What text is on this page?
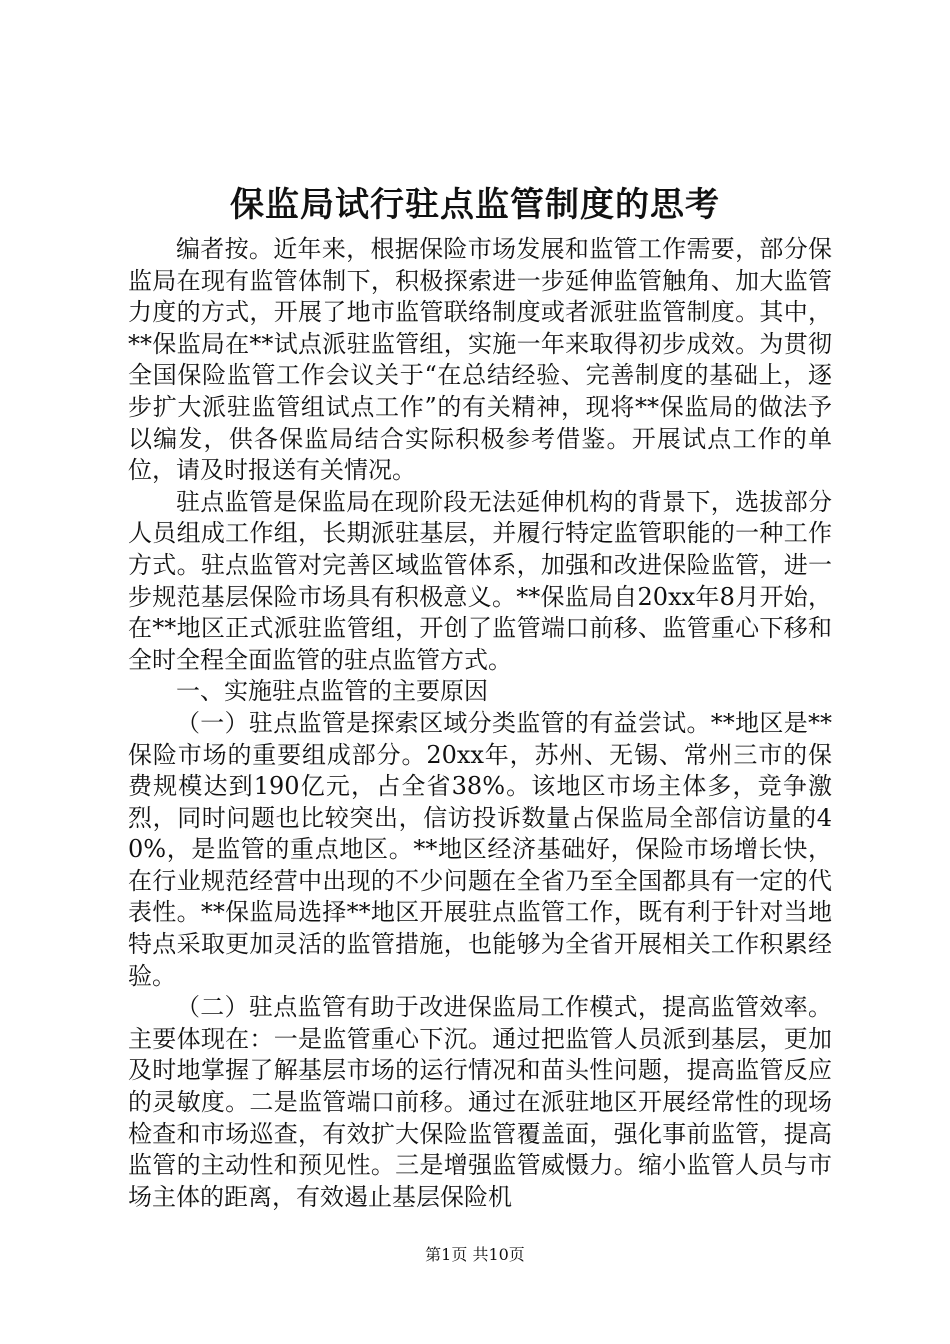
保监局试行驻点监管制度的思考

编者按。近年来，根据保险市场发展和监管工作需要，部分保监局在现有监管体制下，积极探索进一步延伸监管触角、加大监管力度的方式，开展了地市监管联络制度或者派驻监管制度。其中，**保监局在**试点派驻监管组，实施一年来取得初步成效。为贯彻全国保险监管工作会议关于“在总结经验、完善制度的基础上，逐步扩大派驻监管组试点工作”的有关精神，现将**保监局的做法予以编发，供各保监局结合实际积极参考借鉴。开展试点工作的单位，请及时报送有关情况。

驻点监管是保监局在现阶段无法延伸机构的背景下，选拔部分人员组成工作组，长期派驻基层，并履行特定监管职能的一种工作方式。驻点监管对完善区域监管体系，加强和改进保险监管，进一步规范基层保险市场具有积极意义。**保监局自20xx年8月开始，在**地区正式派驻监管组，开创了监管端口前移、监管重心下移和全时全程全面监管的驻点监管方式。

一、实施驻点监管的主要原因

（一）驻点监管是探索区域分类监管的有益尝试。**地区是**保险市场的重要组成部分。20xx年，苏州、无锡、常州三市的保费规模达到190亿元，占全省38%。该地区市场主体多，竞争激烈，同时问题也比较突出，信访投诉数量占保监局全部信访量的40%，是监管的重点地区。**地区经济基础好，保险市场增长快，在行业规范经营中出现的不少问题在全省乃至全国都具有一定的代表性。**保监局选择**地区开展驻点监管工作，既有利于针对当地特点采取更加灵活的监管措施，也能够为全省开展相关工作积累经验。

（二）驻点监管有助于改进保监局工作模式，提高监管效率。主要体现在：一是监管重心下沉。通过把监管人员派到基层，更加及时地掌握了解基层市场的运行情况和苗头性问题，提高监管反应的灵敏度。二是监管端口前移。通过在派驻地区开展经常性的现场检查和市场巡查，有效扩大保险监管覆盖面，强化事前监管，提高监管的主动性和预见性。三是增强监管威慑力。缩小监管人员与市场主体的距离，有效遏止基层保险机

第1页 共10页
